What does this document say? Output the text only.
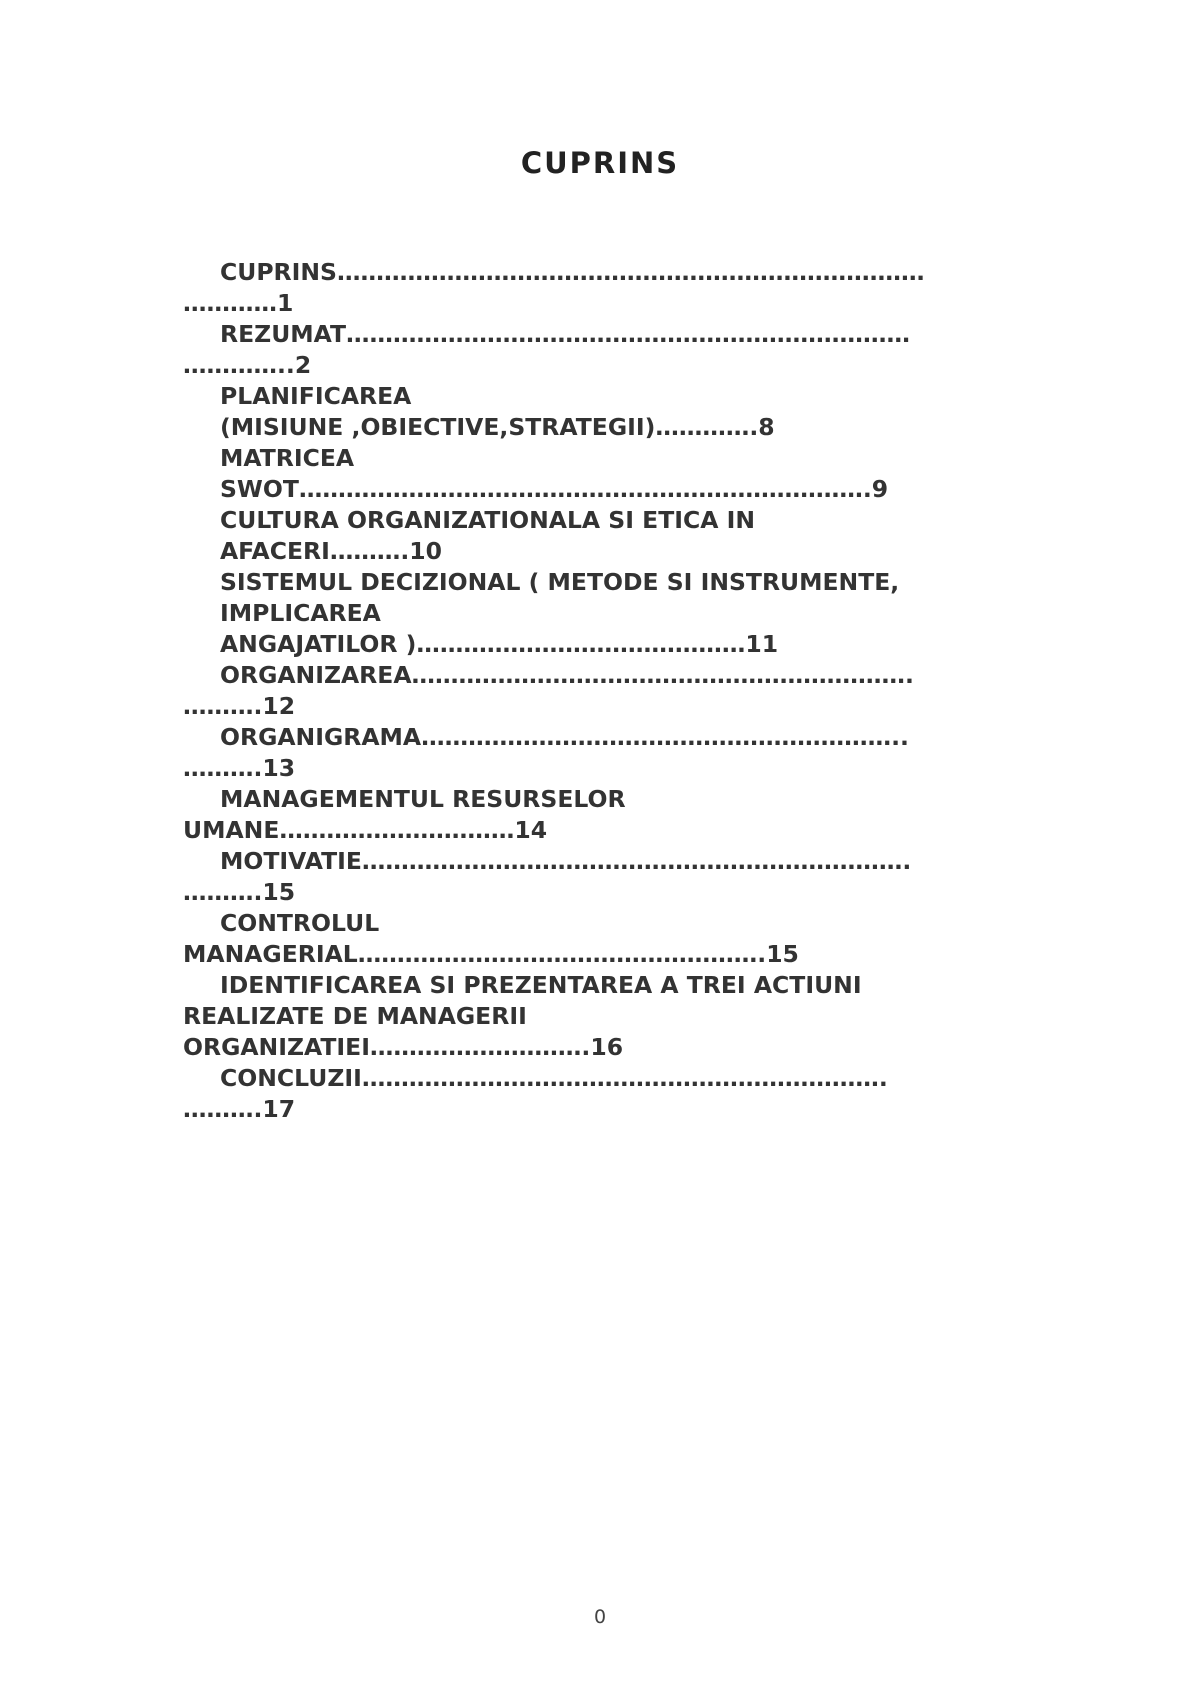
CUPRINS
CUPRINS…………………………………………………………………
…………1
REZUMAT………………………………………………………………
…………..2
PLANIFICAREA
(MISIUNE ,OBIECTIVE,STRATEGII)………….8
MATRICEA
SWOT……………………………………………………………….9
CULTURA ORGANIZATIONALA SI ETICA IN
AFACERI……….10
SISTEMUL DECIZIONAL ( METODE SI INSTRUMENTE,
IMPLICAREA
ANGAJATILOR )……………………………………11
ORGANIZAREA……………………………………………………….
……….12
ORGANIGRAMA……………………………………………………..
……….13
MANAGEMENTUL RESURSELOR
UMANE…………………………14
MOTIVATIE…………………………………………………………….
……….15
CONTROLUL
MANAGERIAL…………………………………………….15
IDENTIFICAREA SI PREZENTAREA A TREI ACTIUNI
REALIZATE DE MANAGERII
ORGANIZATIEI……………………….16
CONCLUZII………………………………………………………….
……….17
0
